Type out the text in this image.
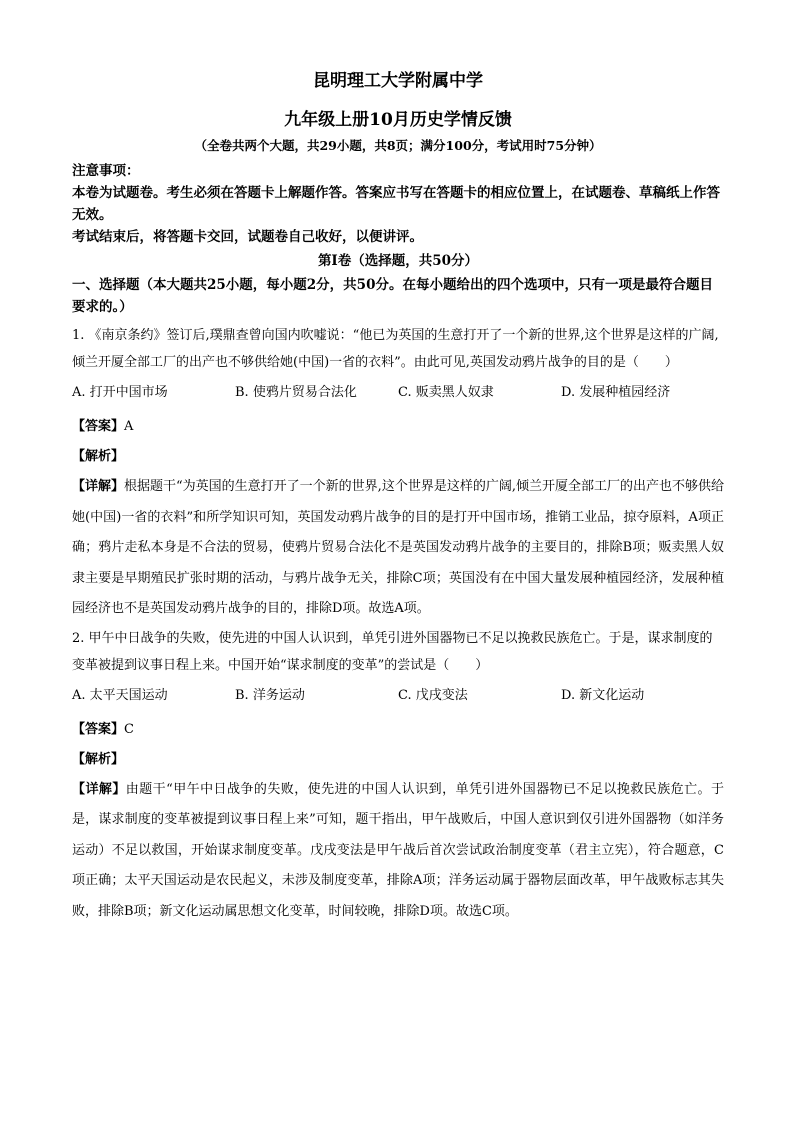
昆明理工大学附属中学
九年级上册10月历史学情反馈
（全卷共两个大题，共29小题，共8页；满分100分，考试用时75分钟）
注意事项：
本卷为试题卷。考生必须在答题卡上解题作答。答案应书写在答题卡的相应位置上，在试题卷、草稿纸上作答无效。
考试结束后，将答题卡交回，试题卷自己收好，以便讲评。
第Ⅰ卷（选择题，共50分）
一、选择题（本大题共25小题，每小题2分，共50分。在每小题给出的四个选项中，只有一项是最符合题目要求的。）
1. 《南京条约》签订后,璞鼎查曾向国内吹嘘说：“他已为英国的生意打开了一个新的世界,这个世界是这样的广阔,倾兰开厦全部工厂的出产也不够供给她(中国)一省的衣料”。由此可见,英国发动鸦片战争的目的是（　　）
A. 打开中国市场	B. 使鸦片贸易合法化	C. 贩卖黑人奴隶	D. 发展种植园经济
【答案】A
【解析】
【详解】根据题干“为英国的生意打开了一个新的世界,这个世界是这样的广阔,倾兰开厦全部工厂的出产也不够供给她(中国)一省的衣料”和所学知识可知，英国发动鸦片战争的目的是打开中国市场，推销工业品，掠夺原料，A项正确；鸦片走私本身是不合法的贸易，使鸦片贸易合法化不是英国发动鸦片战争的主要目的，排除B项；贩卖黑人奴隶主要是早期殖民扩张时期的活动，与鸦片战争无关，排除C项；英国没有在中国大量发展种植园经济，发展种植园经济也不是英国发动鸦片战争的目的，排除D项。故选A项。
2. 甲午中日战争的失败，使先进的中国人认识到，单凭引进外国器物已不足以挽救民族危亡。于是，谋求制度的变革被提到议事日程上来。中国开始“谋求制度的变革”的尝试是（　　）
A. 太平天国运动	B. 洋务运动	C. 戊戌变法	D. 新文化运动
【答案】C
【解析】
【详解】由题干“甲午中日战争的失败，使先进的中国人认识到，单凭引进外国器物已不足以挽救民族危亡。于是，谋求制度的变革被提到议事日程上来”可知，题干指出，甲午战败后，中国人意识到仅引进外国器物（如洋务运动）不足以救国，开始谋求制度变革。戊戌变法是甲午战后首次尝试政治制度变革（君主立宪），符合题意，C项正确；太平天国运动是农民起义，未涉及制度变革，排除A项；洋务运动属于器物层面改革，甲午战败标志其失败，排除B项；新文化运动属思想文化变革，时间较晚，排除D项。故选C项。
